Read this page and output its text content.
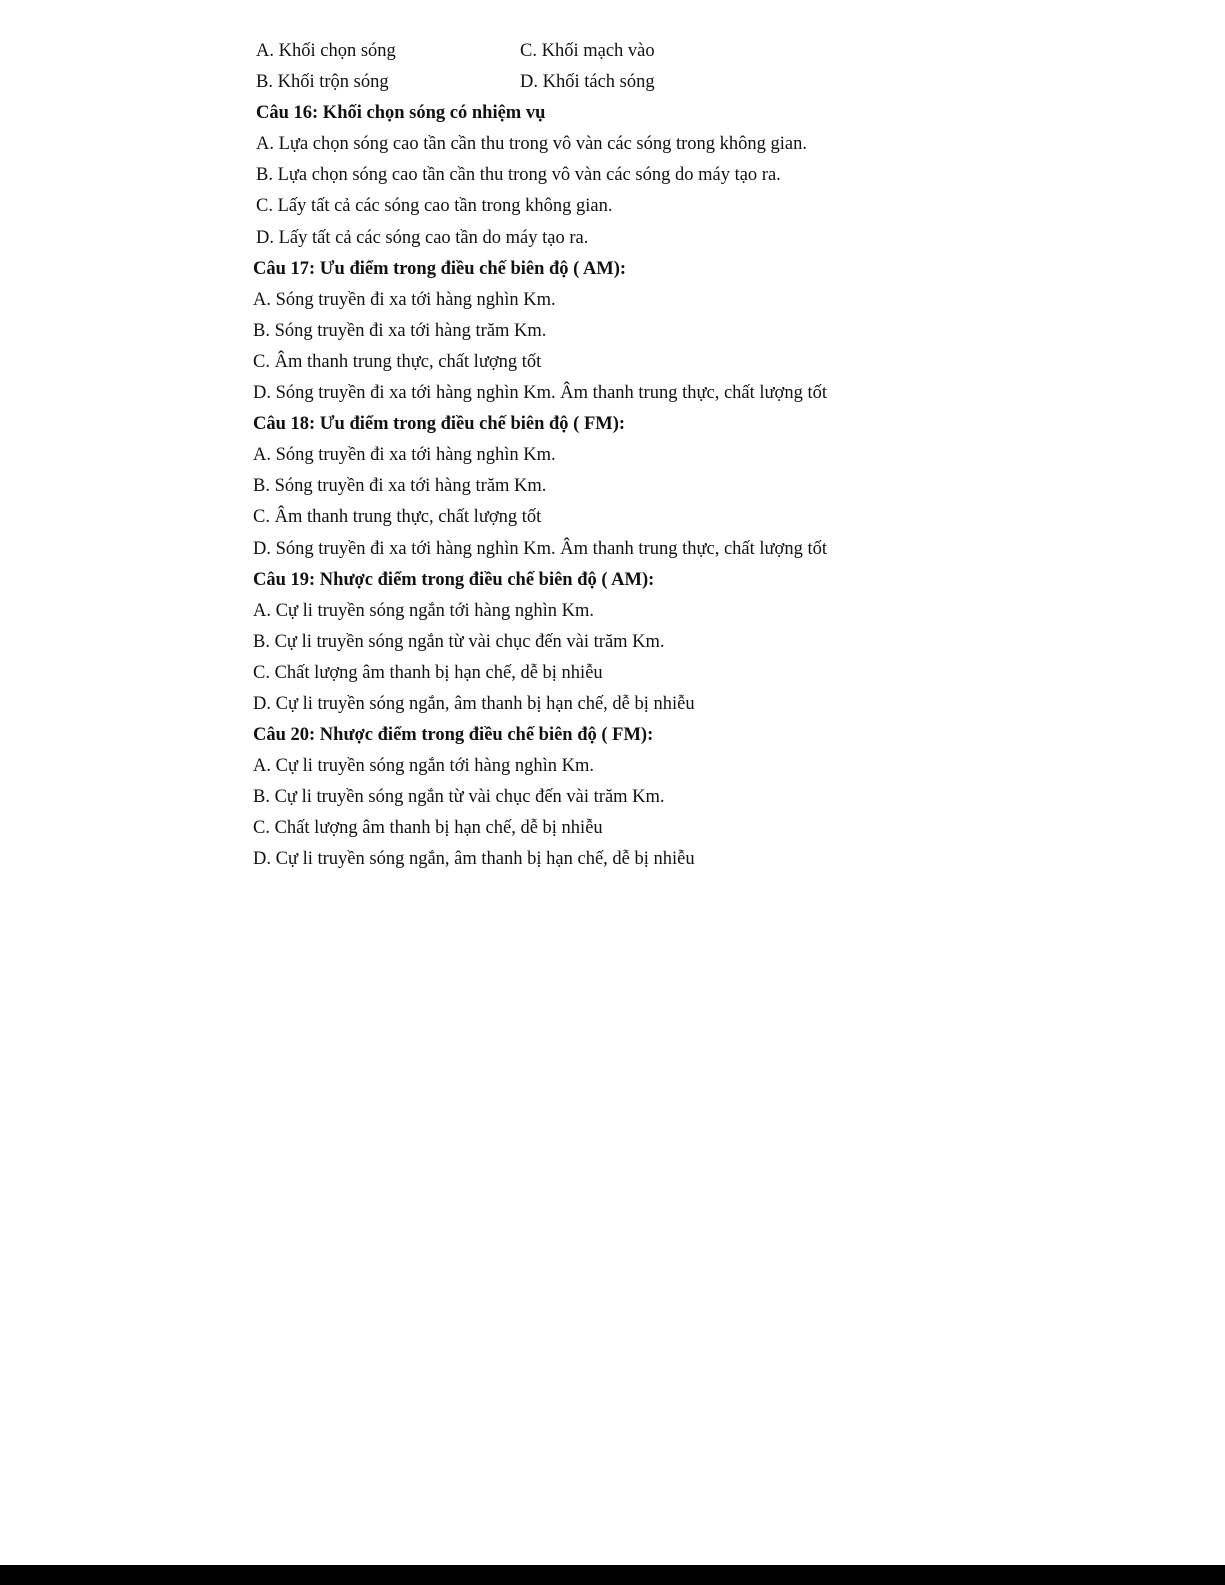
A. Khối chọn sóng	C. Khối mạch vào
B. Khối trộn sóng	D. Khối tách sóng
Câu 16: Khối chọn sóng có nhiệm vụ
A. Lựa chọn sóng cao tần cần thu trong vô vàn các sóng trong không gian.
B. Lựa chọn sóng cao tần cần thu trong vô vàn các sóng do máy tạo ra.
C. Lấy tất cả các sóng cao tần trong không gian.
D. Lấy tất cả các sóng cao tần do máy tạo ra.
Câu 17: Ưu điểm trong điều chế biên độ ( AM):
A. Sóng truyền đi xa tới hàng nghìn Km.
B. Sóng truyền đi xa tới hàng trăm Km.
C. Âm thanh trung thực, chất lượng tốt
D. Sóng truyền đi xa tới hàng nghìn Km. Âm thanh trung thực, chất lượng tốt
Câu 18: Ưu điểm trong điều chế biên độ ( FM):
A. Sóng truyền đi xa tới hàng nghìn Km.
B. Sóng truyền đi xa tới hàng trăm Km.
C. Âm thanh trung thực, chất lượng tốt
D. Sóng truyền đi xa tới hàng nghìn Km. Âm thanh trung thực, chất lượng tốt
Câu 19: Nhược điểm trong điều chế biên độ ( AM):
A. Cự li truyền sóng ngắn tới hàng nghìn Km.
B. Cự li truyền sóng ngắn từ vài chục đến vài trăm Km.
C. Chất lượng âm thanh bị hạn chế, dễ bị nhiễu
D. Cự li truyền sóng ngắn, âm thanh bị hạn chế, dễ bị nhiễu
Câu 20: Nhược điểm trong điều chế biên độ ( FM):
A. Cự li truyền sóng ngắn tới hàng nghìn Km.
B. Cự li truyền sóng ngắn từ vài chục đến vài trăm Km.
C. Chất lượng âm thanh bị hạn chế, dễ bị nhiễu
D. Cự li truyền sóng ngắn, âm thanh bị hạn chế, dễ bị nhiễu
